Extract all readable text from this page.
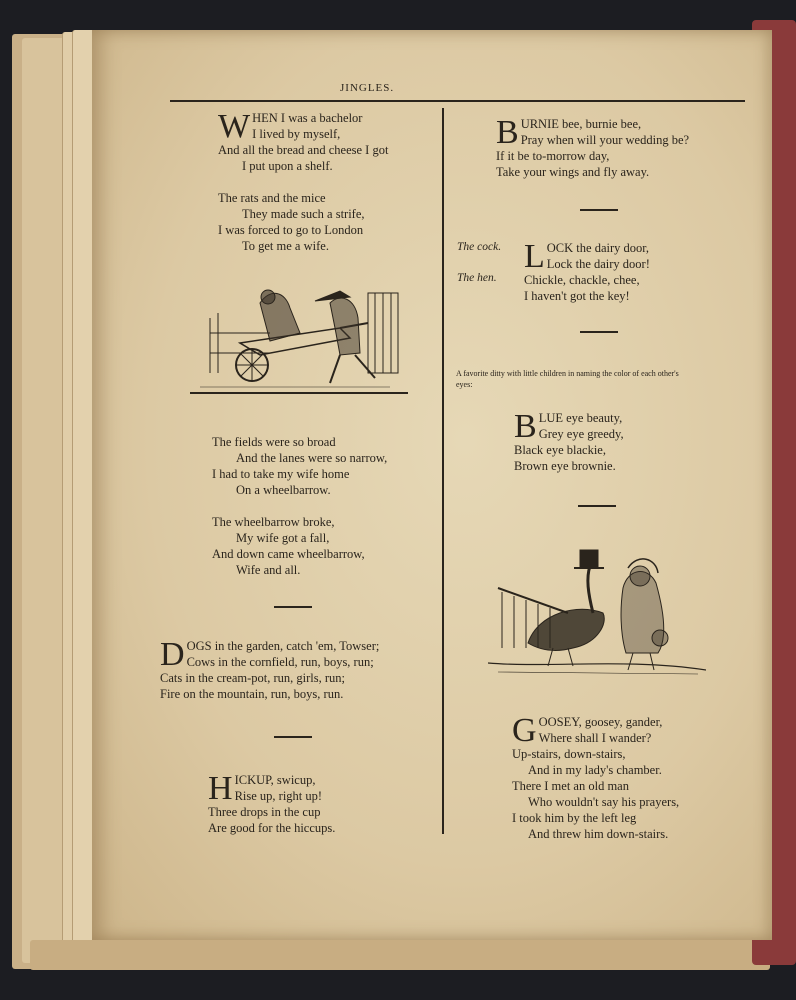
JINGLES.
W HEN I was a bachelor
I lived by myself,
And all the bread and cheese I got
I put upon a shelf.
The rats and the mice
They made such a strife,
I was forced to go to London
To get me a wife.
The fields were so broad
And the lanes were so narrow,
I had to take my wife home
On a wheelbarrow.
The wheelbarrow broke,
My wife got a fall,
And down came wheelbarrow,
Wife and all.
D OGS in the garden, catch 'em, Towser;
Cows in the cornfield, run, boys, run;
Cats in the cream-pot, run, girls, run;
Fire on the mountain, run, boys, run.
H ICKUP, swicup,
Rise up, right up!
Three drops in the cup
Are good for the hiccups.
B URNIE bee, burnie bee,
Pray when will your wedding be?
If it be to-morrow day,
Take your wings and fly away.
The cock.
The hen.
L OCK the dairy door,
Lock the dairy door!
Chickle, chackle, chee,
I haven't got the key!
A favorite ditty with little children in naming the color of each other's
eyes:
B LUE eye beauty,
Grey eye greedy,
Black eye blackie,
Brown eye brownie.
G OOSEY, goosey, gander,
Where shall I wander?
Up-stairs, down-stairs,
And in my lady's chamber.
There I met an old man
Who wouldn't say his prayers,
I took him by the left leg
And threw him down-stairs.
